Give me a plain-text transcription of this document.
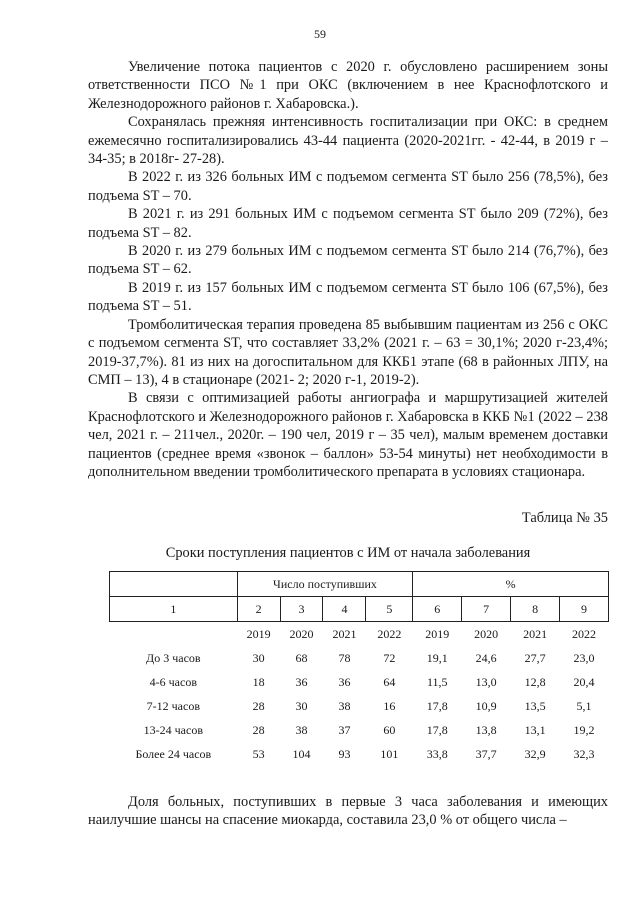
59

Увеличение потока пациентов с 2020 г. обусловлено расширением зоны ответственности ПСО №1 при ОКС (включением в нее Краснофлотского и Железнодорожного районов г. Хабаровска.).

Сохранялась прежняя интенсивность госпитализации при ОКС: в среднем ежемесячно госпитализировались 43-44 пациента (2020-2021гг. - 42-44, в 2019 г – 34-35; в 2018г- 27-28).

В 2022 г. из 326 больных ИМ с подъемом сегмента ST было 256 (78,5%), без подъема ST – 70.

В 2021 г. из 291 больных ИМ с подъемом сегмента ST было 209 (72%), без подъема ST – 82.

В 2020 г. из 279 больных ИМ с подъемом сегмента ST было 214 (76,7%), без подъема ST – 62.

В 2019 г. из 157 больных ИМ с подъемом сегмента ST было 106 (67,5%), без подъема ST – 51.

Тромболитическая терапия проведена 85 выбывшим пациентам из 256 с ОКС с подъемом сегмента ST, что составляет 33,2% (2021 г. – 63 = 30,1%; 2020 г-23,4%; 2019-37,7%). 81 из них на догоспитальном для ККБ1 этапе (68 в районных ЛПУ, на СМП – 13), 4 в стационаре (2021- 2; 2020 г-1, 2019-2).

В связи с оптимизацией работы ангиографа и маршрутизацией жителей Краснофлотского и Железнодорожного районов г. Хабаровска в ККБ №1 (2022 – 238 чел, 2021 г. – 211чел., 2020г. – 190 чел, 2019 г – 35 чел), малым временем доставки пациентов (среднее время «звонок – баллон» 53-54 минуты) нет необходимости в дополнительном введении тромболитического препарата в условиях стационара.

Таблица № 35
Сроки поступления пациентов с ИМ от начала заболевания
	Число поступивших				%			
1	2	3	4	5	6	7	8	9
	2019	2020	2021	2022	2019	2020	2021	2022
До 3 часов	30	68	78	72	19,1	24,6	27,7	23,0
4-6 часов	18	36	36	64	11,5	13,0	12,8	20,4
7-12 часов	28	30	38	16	17,8	10,9	13,5	5,1
13-24 часов	28	38	37	60	17,8	13,8	13,1	19,2
Более 24 часов	53	104	93	101	33,8	37,7	32,9	32,3

Доля больных, поступивших в первые 3 часа заболевания и имеющих наилучшие шансы на спасение миокарда, составила 23,0 % от общего числа –
